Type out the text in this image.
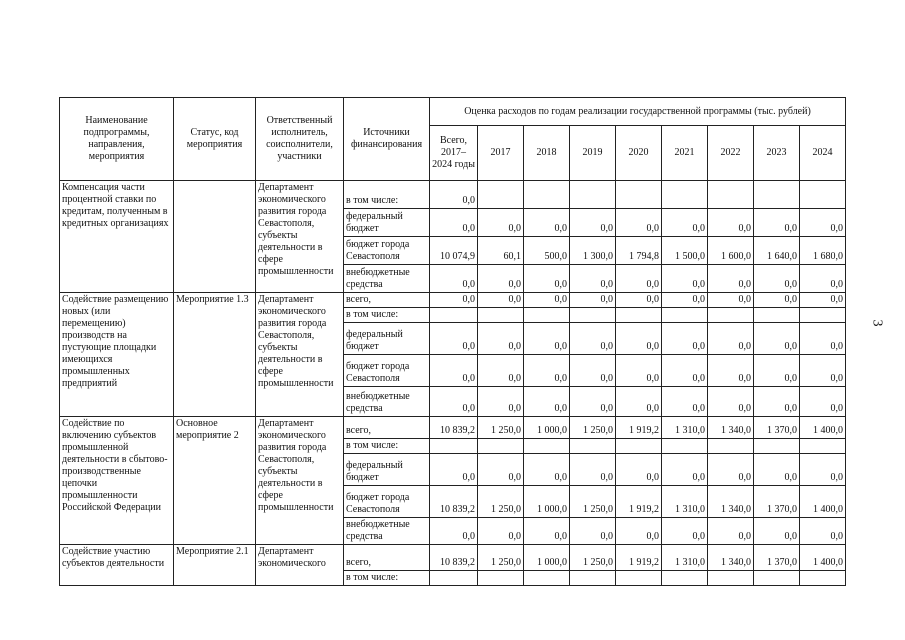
Наименование подпрограммы, направления, мероприятия	Статус, код мероприятия	Ответственный исполнитель, соисполнители, участники	Источники финансирования	Оценка расходов по годам реализации государственной программы (тыс. рублей)								
				Всего, 2017–2024 годы	2017	2018	2019	2020	2021	2022	2023	2024
Компенсация части процентной ставки по кредитам, полученным в кредитных организациях		Департамент экономического развития города Севастополя, субъекты деятельности в сфере промышленности	в том числе:	0,0								
			федеральный бюджет	0,0	0,0	0,0	0,0	0,0	0,0	0,0	0,0	0,0
			бюджет города Севастополя	10 074,9	60,1	500,0	1 300,0	1 794,8	1 500,0	1 600,0	1 640,0	1 680,0
			внебюджетные средства	0,0	0,0	0,0	0,0	0,0	0,0	0,0	0,0	0,0
Содействие размещению новых (или перемещению) производств на пустующие площадки имеющихся промышленных предприятий	Мероприятие 1.3	Департамент экономического развития города Севастополя, субъекты деятельности в сфере промышленности	всего,	0,0	0,0	0,0	0,0	0,0	0,0	0,0	0,0	0,0
			в том числе:									
			федеральный бюджет	0,0	0,0	0,0	0,0	0,0	0,0	0,0	0,0	0,0
			бюджет города Севастополя	0,0	0,0	0,0	0,0	0,0	0,0	0,0	0,0	0,0
			внебюджетные средства	0,0	0,0	0,0	0,0	0,0	0,0	0,0	0,0	0,0
Содействие по включению субъектов промышленной деятельности в сбытово-производственные цепочки промышленности Российской Федерации	Основное мероприятие 2	Департамент экономического развития города Севастополя, субъекты деятельности в сфере промышленности	всего,	10 839,2	1 250,0	1 000,0	1 250,0	1 919,2	1 310,0	1 340,0	1 370,0	1 400,0
			в том числе:									
			федеральный бюджет	0,0	0,0	0,0	0,0	0,0	0,0	0,0	0,0	0,0
			бюджет города Севастополя	10 839,2	1 250,0	1 000,0	1 250,0	1 919,2	1 310,0	1 340,0	1 370,0	1 400,0
			внебюджетные средства	0,0	0,0	0,0	0,0	0,0	0,0	0,0	0,0	0,0
Содействие участию субъектов деятельности	Мероприятие 2.1	Департамент экономического	всего,	10 839,2	1 250,0	1 000,0	1 250,0	1 919,2	1 310,0	1 340,0	1 370,0	1 400,0
			в том числе:									
3
